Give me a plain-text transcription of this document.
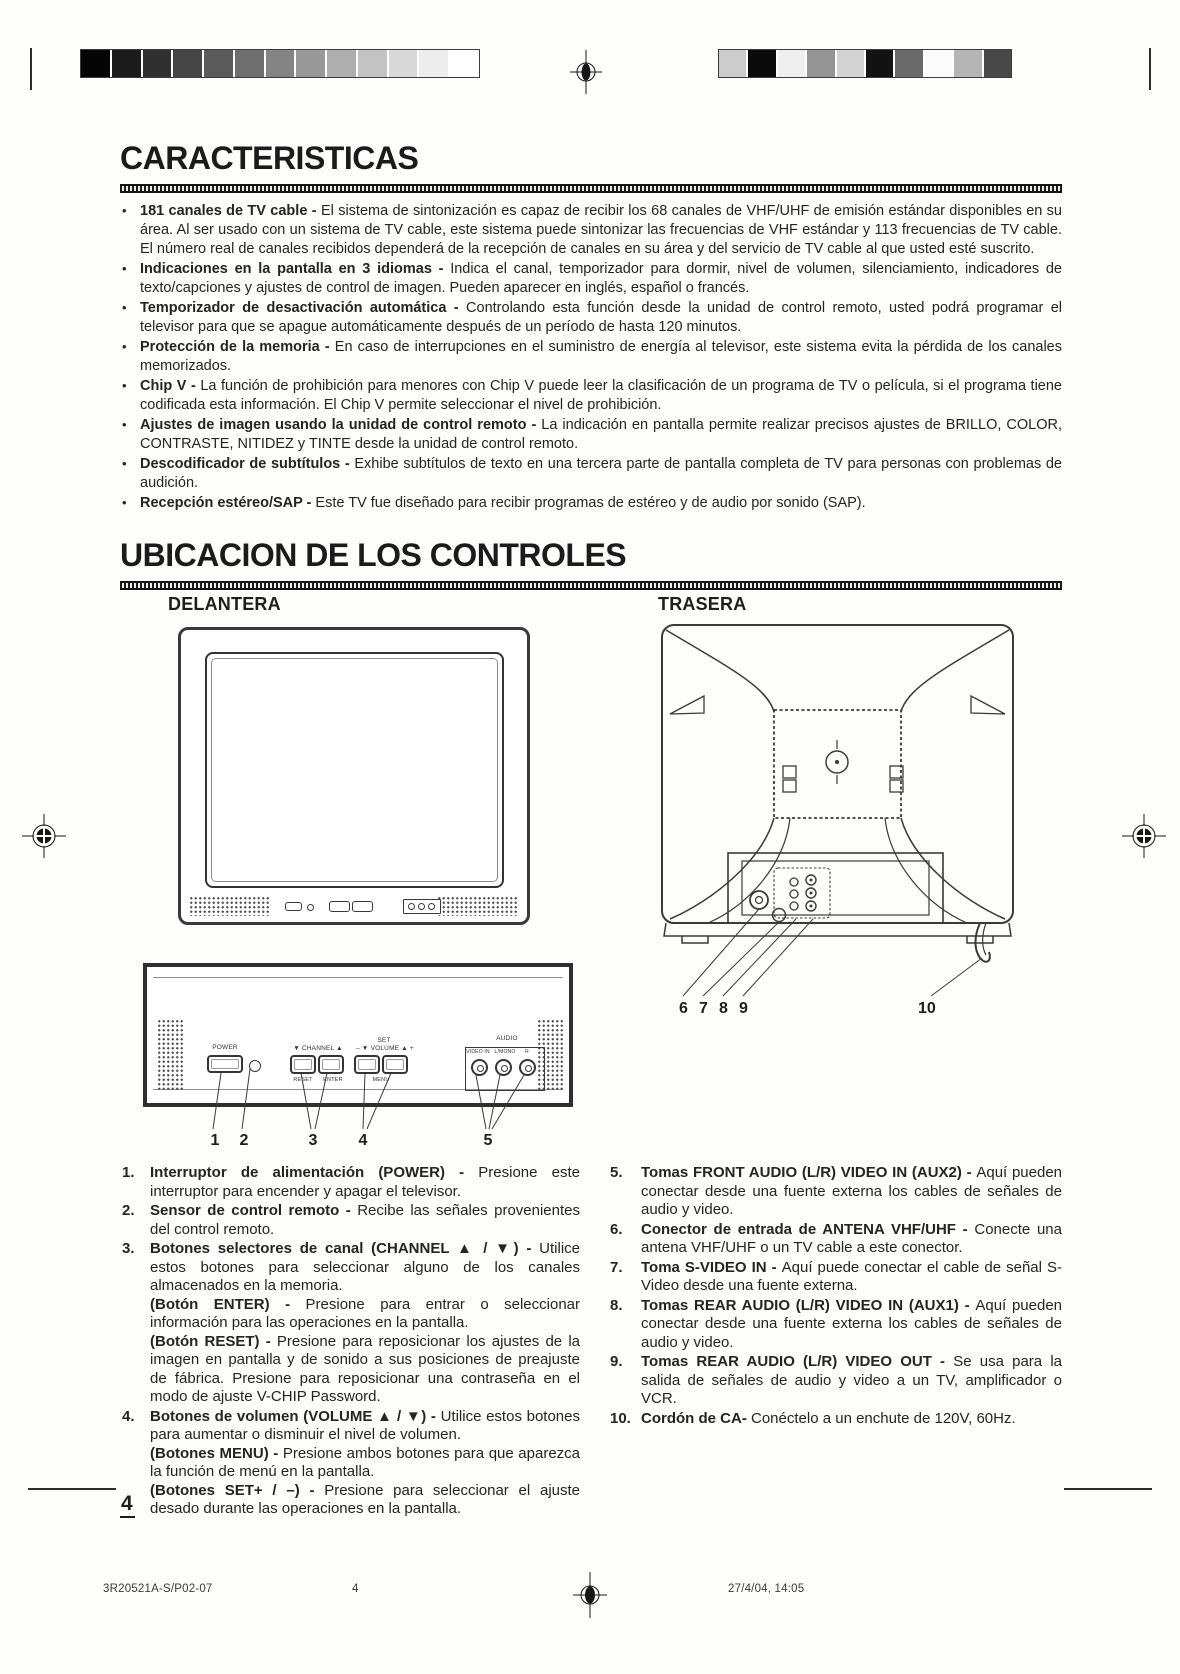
CARACTERISTICAS
• 181 canales de TV cable - El sistema de sintonización es capaz de recibir los 68 canales de VHF/UHF de emisión estándar disponibles en su área. Al ser usado con un sistema de TV cable, este sistema puede sintonizar las frecuencias de VHF estándar y 113 frecuencias de TV cable. El número real de canales recibidos dependerá de la recepción de canales en su área y del servicio de TV cable al que usted esté suscrito.
• Indicaciones en la pantalla en 3 idiomas - Indica el canal, temporizador para dormir, nivel de volumen, silenciamiento, indicadores de texto/capciones y ajustes de control de imagen. Pueden aparecer en inglés, español o francés.
• Temporizador de desactivación automática - Controlando esta función desde la unidad de control remoto, usted podrá programar el televisor para que se apague automáticamente después de un período de hasta 120 minutos.
• Protección de la memoria - En caso de interrupciones en el suministro de energía al televisor, este sistema evita la pérdida de los canales memorizados.
• Chip V - La función de prohibición para menores con Chip V puede leer la clasificación de un programa de TV o película, si el programa tiene codificada esta información. El Chip V permite seleccionar el nivel de prohibición.
• Ajustes de imagen usando la unidad de control remoto - La indicación en pantalla permite realizar precisos ajustes de BRILLO, COLOR, CONTRASTE, NITIDEZ y TINTE desde la unidad de control remoto.
• Descodificador de subtítulos - Exhibe subtítulos de texto en una tercera parte de pantalla completa de TV para personas con problemas de audición.
• Recepción estéreo/SAP - Este TV fue diseñado para recibir programas de estéreo y de audio por sonido (SAP).
UBICACION DE LOS CONTROLES
DELANTERA	TRASERA
6 7 8 9	10
POWER	▼ CHANNEL ▲
RESET	ENTER
SET
– ▼ VOLUME ▲ +
MENU
AUDIO
VIDEO IN L/MONO	R
1	2	3	4	5
1. Interruptor de alimentación (POWER) - Presione este interruptor para encender y apagar el televisor.
2. Sensor de control remoto - Recibe las señales provenientes del control remoto.
3. Botones selectores de canal (CHANNEL ▲ / ▼) - Utilice estos botones para seleccionar alguno de los canales almacenados en la memoria.
(Botón ENTER) - Presione para entrar o seleccionar información para las operaciones en la pantalla.
(Botón RESET) - Presione para reposicionar los ajustes de la imagen en pantalla y de sonido a sus posiciones de preajuste de fábrica. Presione para reposicionar una contraseña en el modo de ajuste V-CHIP Password.
4. Botones de volumen (VOLUME ▲ / ▼) - Utilice estos botones para aumentar o disminuir el nivel de volumen.
(Botones MENU) - Presione ambos botones para que aparezca la función de menú en la pantalla.
(Botones SET+ / –) - Presione para seleccionar el ajuste desado durante las operaciones en la pantalla.
5. Tomas FRONT AUDIO (L/R) VIDEO IN (AUX2) - Aquí pueden conectar desde una fuente externa los cables de señales de audio y video.
6. Conector de entrada de ANTENA VHF/UHF - Conecte una antena VHF/UHF o un TV cable a este conector.
7. Toma S-VIDEO IN - Aquí puede conectar el cable de señal S-Video desde una fuente externa.
8. Tomas REAR AUDIO (L/R) VIDEO IN (AUX1) - Aquí pueden conectar desde una fuente externa los cables de señales de audio y video.
9. Tomas REAR AUDIO (L/R) VIDEO OUT - Se usa para la salida de señales de audio y video a un TV, amplificador o VCR.
10. Cordón de CA- Conéctelo a un enchute de 120V, 60Hz.
4
3R20521A-S/P02-07	4	27/4/04, 14:05
